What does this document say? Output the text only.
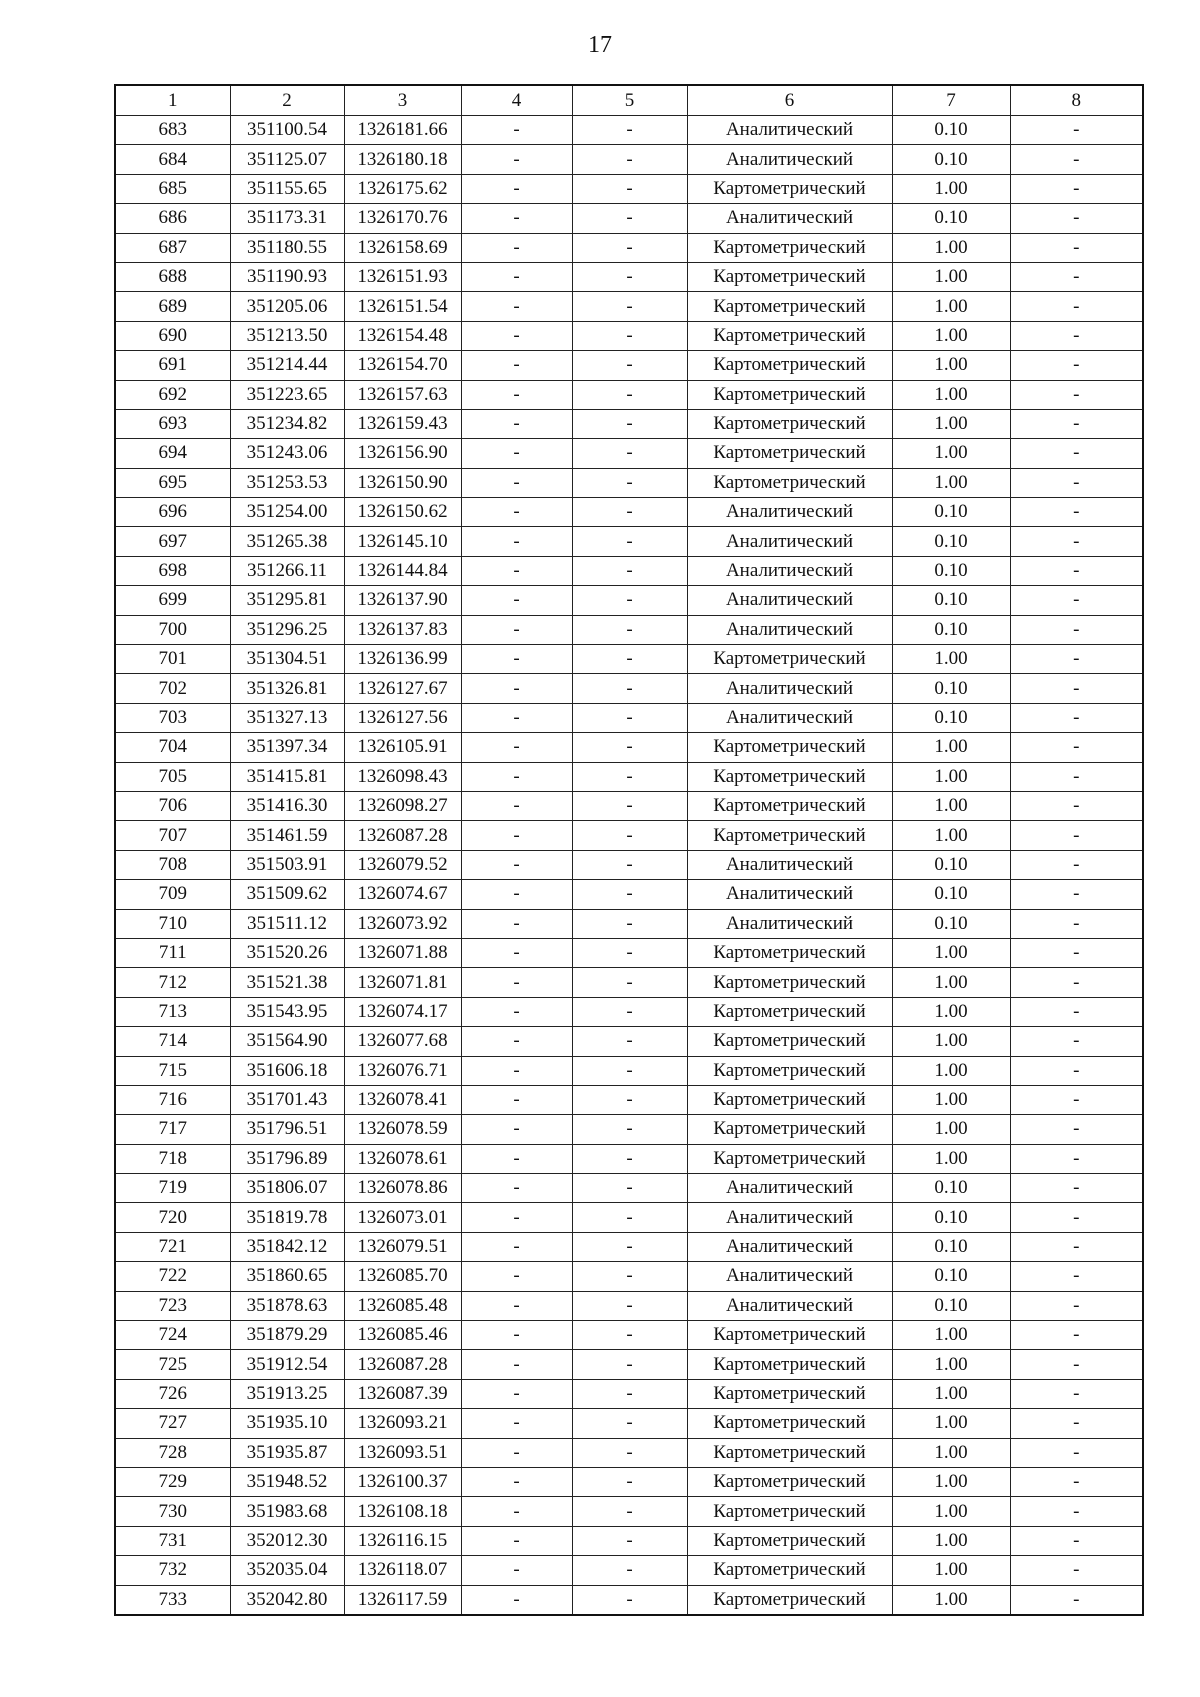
17
1	2	3	4	5	6	7	8
683	351100.54	1326181.66	-	-	Аналитический	0.10	-
684	351125.07	1326180.18	-	-	Аналитический	0.10	-
685	351155.65	1326175.62	-	-	Картометрический	1.00	-
686	351173.31	1326170.76	-	-	Аналитический	0.10	-
687	351180.55	1326158.69	-	-	Картометрический	1.00	-
688	351190.93	1326151.93	-	-	Картометрический	1.00	-
689	351205.06	1326151.54	-	-	Картометрический	1.00	-
690	351213.50	1326154.48	-	-	Картометрический	1.00	-
691	351214.44	1326154.70	-	-	Картометрический	1.00	-
692	351223.65	1326157.63	-	-	Картометрический	1.00	-
693	351234.82	1326159.43	-	-	Картометрический	1.00	-
694	351243.06	1326156.90	-	-	Картометрический	1.00	-
695	351253.53	1326150.90	-	-	Картометрический	1.00	-
696	351254.00	1326150.62	-	-	Аналитический	0.10	-
697	351265.38	1326145.10	-	-	Аналитический	0.10	-
698	351266.11	1326144.84	-	-	Аналитический	0.10	-
699	351295.81	1326137.90	-	-	Аналитический	0.10	-
700	351296.25	1326137.83	-	-	Аналитический	0.10	-
701	351304.51	1326136.99	-	-	Картометрический	1.00	-
702	351326.81	1326127.67	-	-	Аналитический	0.10	-
703	351327.13	1326127.56	-	-	Аналитический	0.10	-
704	351397.34	1326105.91	-	-	Картометрический	1.00	-
705	351415.81	1326098.43	-	-	Картометрический	1.00	-
706	351416.30	1326098.27	-	-	Картометрический	1.00	-
707	351461.59	1326087.28	-	-	Картометрический	1.00	-
708	351503.91	1326079.52	-	-	Аналитический	0.10	-
709	351509.62	1326074.67	-	-	Аналитический	0.10	-
710	351511.12	1326073.92	-	-	Аналитический	0.10	-
711	351520.26	1326071.88	-	-	Картометрический	1.00	-
712	351521.38	1326071.81	-	-	Картометрический	1.00	-
713	351543.95	1326074.17	-	-	Картометрический	1.00	-
714	351564.90	1326077.68	-	-	Картометрический	1.00	-
715	351606.18	1326076.71	-	-	Картометрический	1.00	-
716	351701.43	1326078.41	-	-	Картометрический	1.00	-
717	351796.51	1326078.59	-	-	Картометрический	1.00	-
718	351796.89	1326078.61	-	-	Картометрический	1.00	-
719	351806.07	1326078.86	-	-	Аналитический	0.10	-
720	351819.78	1326073.01	-	-	Аналитический	0.10	-
721	351842.12	1326079.51	-	-	Аналитический	0.10	-
722	351860.65	1326085.70	-	-	Аналитический	0.10	-
723	351878.63	1326085.48	-	-	Аналитический	0.10	-
724	351879.29	1326085.46	-	-	Картометрический	1.00	-
725	351912.54	1326087.28	-	-	Картометрический	1.00	-
726	351913.25	1326087.39	-	-	Картометрический	1.00	-
727	351935.10	1326093.21	-	-	Картометрический	1.00	-
728	351935.87	1326093.51	-	-	Картометрический	1.00	-
729	351948.52	1326100.37	-	-	Картометрический	1.00	-
730	351983.68	1326108.18	-	-	Картометрический	1.00	-
731	352012.30	1326116.15	-	-	Картометрический	1.00	-
732	352035.04	1326118.07	-	-	Картометрический	1.00	-
733	352042.80	1326117.59	-	-	Картометрический	1.00	-
